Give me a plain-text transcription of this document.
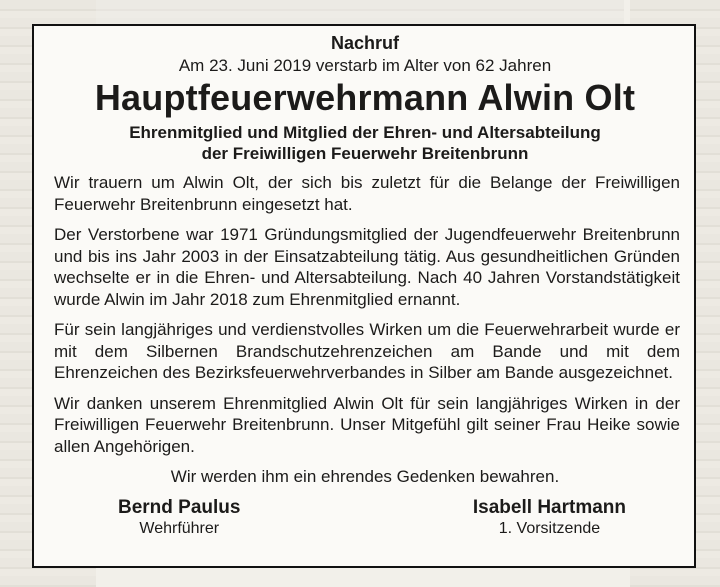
Nachruf
Am 23. Juni 2019 verstarb im Alter von 62 Jahren
Hauptfeuerwehrmann Alwin Olt
Ehrenmitglied und Mitglied der Ehren- und Altersabteilung
der Freiwilligen Feuerwehr Breitenbrunn

Wir trauern um Alwin Olt, der sich bis zuletzt für die Belange der Freiwilligen Feuerwehr Breitenbrunn eingesetzt hat.

Der Verstorbene war 1971 Gründungsmitglied der Jugendfeuerwehr Breitenbrunn und bis ins Jahr 2003 in der Einsatzabteilung tätig. Aus gesundheitlichen Gründen wechselte er in die Ehren- und Altersabteilung. Nach 40 Jahren Vorstandstätigkeit wurde Alwin im Jahr 2018 zum Ehrenmitglied ernannt.

Für sein langjähriges und verdienstvolles Wirken um die Feuerwehrarbeit wurde er mit dem Silbernen Brandschutzehrenzeichen am Bande und mit dem Ehrenzeichen des Bezirksfeuerwehrverbandes in Silber am Bande ausgezeichnet.

Wir danken unserem Ehrenmitglied Alwin Olt für sein langjähriges Wirken in der Freiwilligen Feuerwehr Breitenbrunn. Unser Mitgefühl gilt seiner Frau Heike sowie allen Angehörigen.

Wir werden ihm ein ehrendes Gedenken bewahren.
Bernd Paulus
Wehrführer
Isabell Hartmann
1. Vorsitzende
